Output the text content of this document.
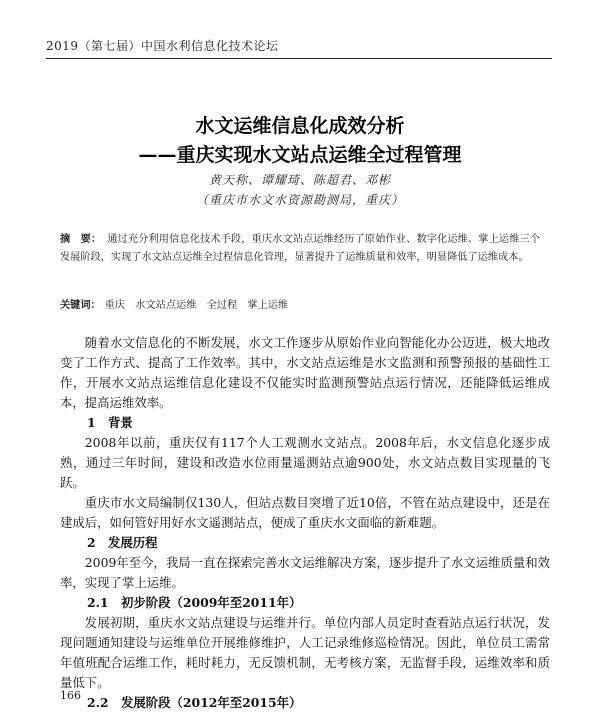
2019（第七届）中国水利信息化技术论坛
水文运维信息化成效分析
——重庆实现水文站点运维全过程管理
黄天称、谭耀琦、陈超君、邓彬
（重庆市水文水资源勘测局，重庆）
摘　要： 通过充分利用信息化技术手段，重庆水文站点运维经历了原始作业、数字化运维、掌上运维三个发展阶段，实现了水文站点运维全过程信息化管理，显著提升了运维质量和效率，明显降低了运维成本。
关键词： 重庆　水文站点运维　全过程　掌上运维

随着水文信息化的不断发展，水文工作逐步从原始作业向智能化办公迈进，极大地改变了工作方式、提高了工作效率。其中，水文站点运维是水文监测和预警预报的基础性工作，开展水文站点运维信息化建设不仅能实时监测预警站点运行情况，还能降低运维成本，提高运维效率。

1　背景

2008年以前，重庆仅有117个人工观测水文站点。2008年后，水文信息化逐步成熟，通过三年时间，建设和改造水位雨量遥测站点逾900处，水文站点数目实现量的飞跃。

重庆市水文局编制仅130人，但站点数目突增了近10倍，不管在站点建设中，还是在建成后，如何管好用好水文遥测站点，便成了重庆水文面临的新难题。

2　发展历程

2009年至今，我局一直在探索完善水文运维解决方案，逐步提升了水文运维质量和效率，实现了掌上运维。

2.1　初步阶段（2009年至2011年）

发展初期，重庆水文站点建设与运维并行。单位内部人员定时查看站点运行状况，发现问题通知建设与运维单位开展维修维护，人工记录维修巡检情况。因此，单位员工需常年值班配合运维工作，耗时耗力，无反馈机制，无考核方案，无监督手段，运维效率和质量低下。

2.2　发展阶段（2012年至2015年）

166
